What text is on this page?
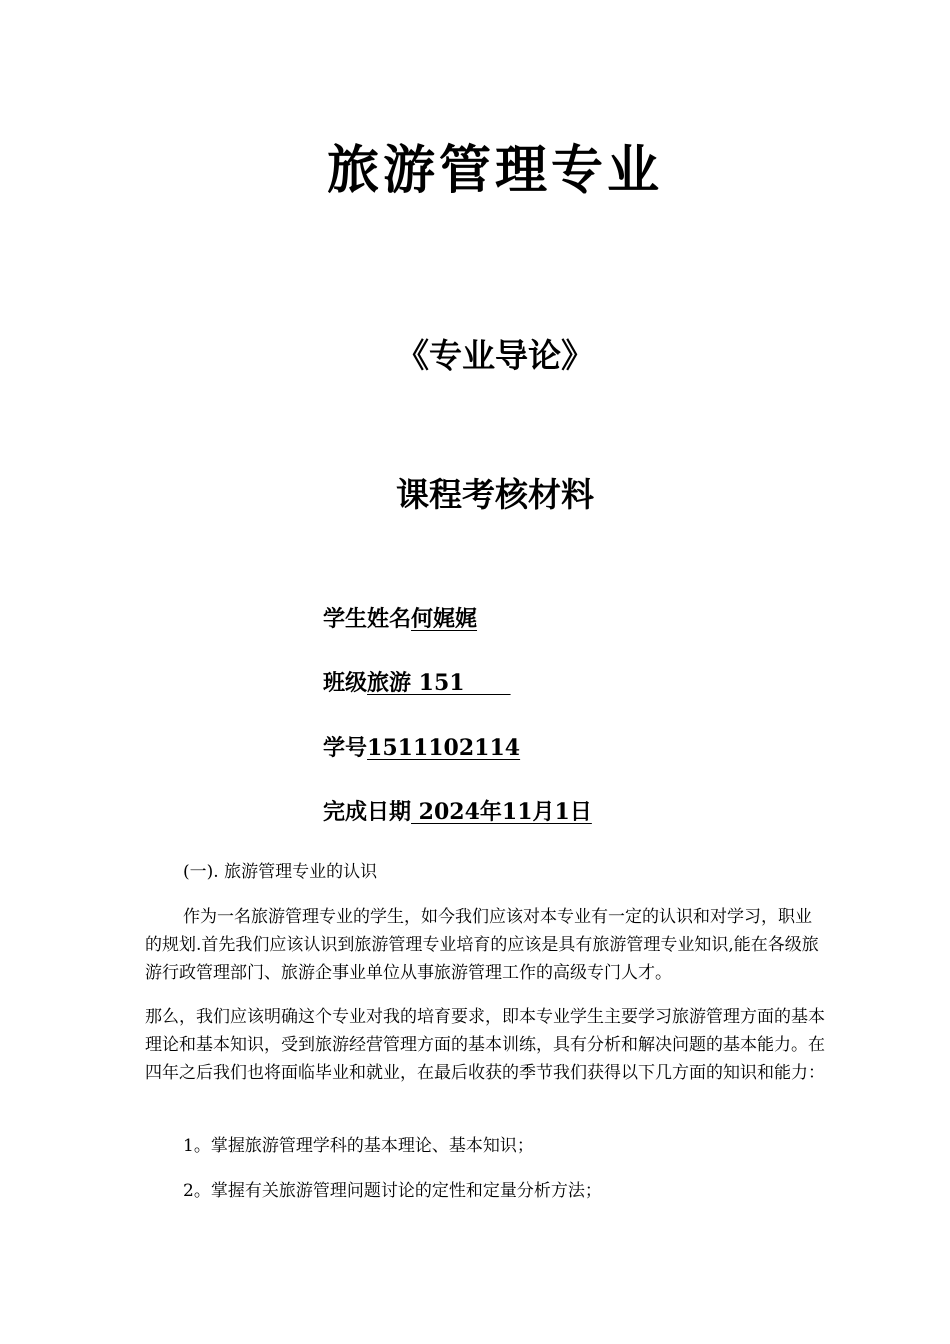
旅游管理专业
《专业导论》
课程考核材料
学生姓名何娓娓
班级旅游 151
学号1511102114
完成日期 2024年11月1日

(一). 旅游管理专业的认识

作为一名旅游管理专业的学生，如今我们应该对本专业有一定的认识和对学习，职业的规划.首先我们应该认识到旅游管理专业培育的应该是具有旅游管理专业知识,能在各级旅游行政管理部门、旅游企事业单位从事旅游管理工作的高级专门人才。

那么，我们应该明确这个专业对我的培育要求，即本专业学生主要学习旅游管理方面的基本理论和基本知识，受到旅游经营管理方面的基本训练，具有分析和解决问题的基本能力。在四年之后我们也将面临毕业和就业，在最后收获的季节我们获得以下几方面的知识和能力：

1。掌握旅游管理学科的基本理论、基本知识；

2。掌握有关旅游管理问题讨论的定性和定量分析方法；
